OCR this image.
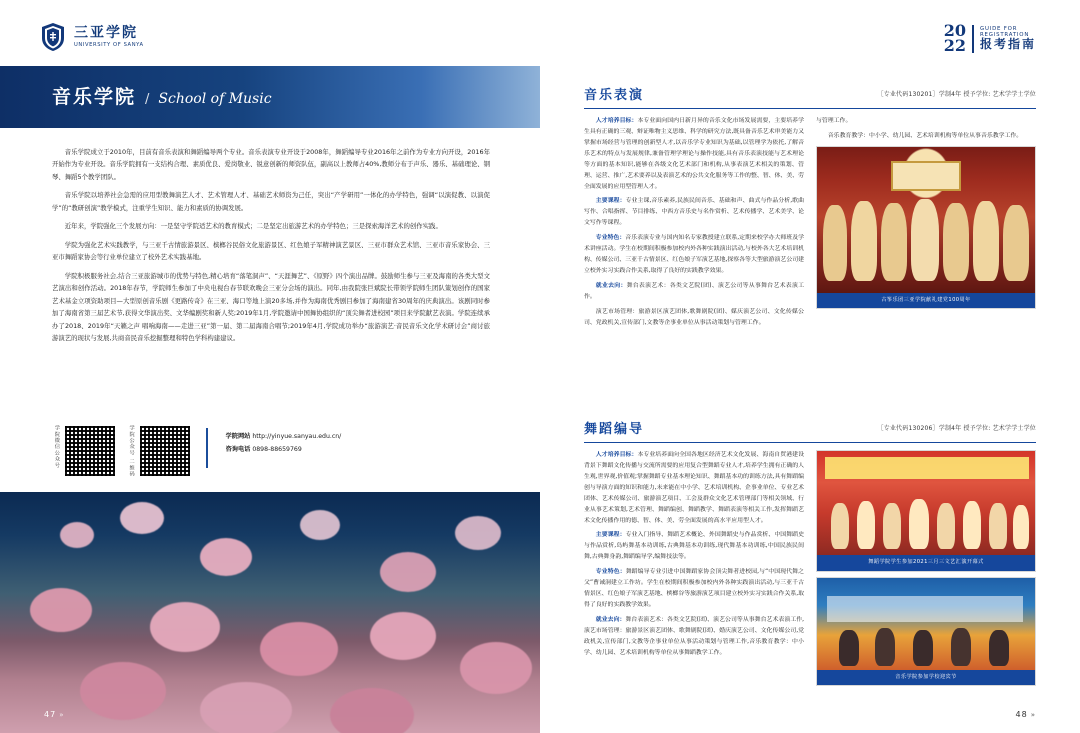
三亚学院
UNIVERSITY OF SANYA
音乐学院 / School of Music

音乐学院成立于2010年，目前有音乐表演和舞蹈编导两个专业。音乐表演专业开设于2008年，舞蹈编导专业2016年之前作为专业方向开设，2016年开始作为专业开设。音乐学院拥有一支结构合理、素质优良、爱岗敬业、锐意创新的师资队伍，副高以上教师占40%,教师分布于声乐、器乐、基础理论、钢琴、舞蹈5个教学团队。

音乐学院以培养社会急需的应用型教舞演艺人才、艺术管理人才、基础艺术师资为己任，突出“产学研用”一体化的办学特色，强调“以演促教、以演促学”的“教研创演”教学模式，注重学生知识、能力和素质的协调发展。

近年来，学院强化三个发展方向：一是坚守学院适艺术的教育模式；二是坚定出旅游艺术的办学特色；三是探索海洋艺术的创作实践。

学院为强化艺术实践教学，与三亚千古情旅游景区、槟榔谷民俗文化旅游景区、红色娘子军精神演艺景区、三亚市群众艺术馆、三亚市音乐家协会、三亚市舞蹈家协会等行业单位建立了校外艺术实践基地。

学院积极服务社会,结合三亚旅游城市的优势与特色,精心培育“落笔洞声”、“天涯舞艺”、《原野》四个演出品牌。鼓励师生参与三亚及海南的各类大型文艺演出和创作活动。2018年春节，学院师生参加了中央电视台春节联欢晚会三亚分会场的演出。同年,由我院张巨斌院长带领学院师生团队策划创作的国家艺术基金立项资助项目—大型原创音乐剧《更路传奇》在三亚、海口等地上演20多场,并作为海南优秀剧目参加了海南建省30周年的庆典演出。该剧同时参加了海南省第三届艺术节,获得文华演出奖、文华编剧奖和新人奖;2019年1月,学院邀请中国舞协组织的“顶尖舞者进校园”项目来学院献艺表演。学院连续承办了2018、2019年“天籁之声 唱响海南——走进三亚”第一届、第二届海南合唱节;2019年4月,学院成功举办“旅游演艺·音民音乐文化学术研讨会”商讨旅游演艺的现状与发展,共商音民音乐挖掘整理和特色学科构建建议。

学院微信公众号	学院公众号 二维码	学院网站 http://yinyue.sanyau.edu.cn/
咨询电话 0898-88659769
47 »
20
22
GUIDE FOR
REGISTRATION
报考指南
音乐表演	［专业代码130201］学制4年 授予学位: 艺术学学士学位

人才培养目标：本专业面向国内日新月异的音乐文化市场发展需要，主要培养学生具有正确的三观、辩证唯物主义思维、科学的研究方法,既具备音乐艺术审美能力又掌握市场经营与管理的创新型人才,以音乐学专业知识为基础,以管理学为依托,了解音乐艺术的特点与发展规律,兼备管理学理论与操作技能,具有音乐表演技能与艺术理论等方面的基本知识,能够在各级文化艺术部门和机构,从事表演艺术相关的策划、管理、运营、推广,艺术要养以及表演艺术的公共文化服务等工作的整、智、体、美、劳全面发展的应用型管理人才。

主要课程：专业主课,音乐素养,民族民间音乐、基础和声、曲式与作品分析,歌曲写作、合唱指挥、节目排练、中西方音乐史与名作赏析、艺术传播学、艺术美学、论文写作等课程。

专业特色：音乐表演专业与国内知名专家教授建立联系,定期来校学办大师班及学术讲座活动。学生在校期间积极参加校内外各种实践演出活动,与校外各大艺术培训机构、传媒公司、三亚千古情景区、红色娘子军演艺基地,探察各等大型旅游演艺公司建立校外实习实践合作关系,取得了良好的实践教学效果。

就业去向：舞台表演艺术：各类文艺院(团)、演艺公司等从事舞台艺术表演工作。

演艺市场管理：旅游景区演艺团体,歌舞剧院(团)、媒庆演艺公司、文化传媒公司、党政机关,宣传部门,文教等企事业单位从事活动策划与管理工作。

与管理工作。

音乐教育教学：中小学、幼儿园、艺术培训机构等单位从事音乐教学工作。

古筝乐团三亚学院献礼建党100周年
舞蹈编导	［专业代码130206］学制4年 授予学位: 艺术学学士学位

人才培养目标：本专业培养面向全国各地区经济艺术文化发展、海南自贸港建设背景下舞蹈文化传播与交流所需要的应用复合型舞蹈专业人才,培养学生拥有正确的人生观,世界观,价值观;掌握舞蹈专业基本理论知识、舞蹈基本功的训练方法,具有舞蹈编创与导演方面的知识和能力,未来能在中小学、艺术培训机构、企事业单位、专业艺术团体、艺术传媒公司、旅游演艺项目、工会及群众文化艺术管理部门等相关领域、行业从事艺术策划,艺术管理、舞蹈编创、舞蹈教学、舞蹈表演等相关工作,发挥舞蹈艺术文化传播作用的德、智、体、美、劳全面发展的高水平应用型人才。

主要课程：专业入门指导、舞蹈艺术概论、外国舞蹈史与作品赏析、中国舞蹈史与作品赏析,岛屿舞基本功训练,古典舞基本功训练,现代舞基本功训练,中国民族民间舞,古典舞身韵,舞蹈编导学,编舞技法等。

专业特色：舞蹈编导专业引进中国舞蹈家协会顶尖舞者进校园,与“中国现代舞之父”曹诫洞建立工作坊。学生在校期间积极参加校内外各种实践演出活动,与三亚千古情景区、红色娘子军演艺基地、槟榔谷等旅游演艺项目建立校外实习实践合作关系,取得了良好的实践教学效果。

就业去向：舞台表演艺术：各类文艺院(团)、演艺公司等从事舞台艺术表演工作,演艺市场管理：旅游景区演艺团体、歌舞剧院(团)、婚庆演艺公司、文化传媒公司,党政机关,宣传部门,文教等企事业单位从事活动策划与管理工作,音乐教育教学：中小学、幼儿园、艺术培训机构等单位从事舞蹈教学工作。

舞蹈学院学生参加2021三月三文艺汇演开幕式
音乐学院参加学校迎宾节
48 »
